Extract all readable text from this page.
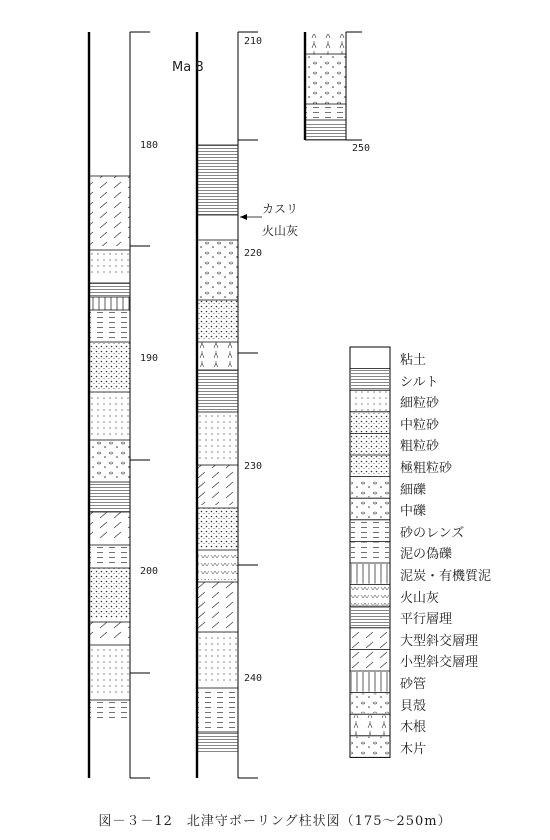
180
190
200
210
220
230
240
250
Ma 8
カスリ
火山灰
粘土
シルト
細粒砂
中粒砂
粗粒砂
極粗粒砂
細礫
中礫
砂のレンズ
泥の偽礫
泥炭・有機質泥
火山灰
平行層理
大型斜交層理
小型斜交層理
砂管
貝殻
木根
木片
図－３－12　北津守ボーリング柱状図（175～250m）
